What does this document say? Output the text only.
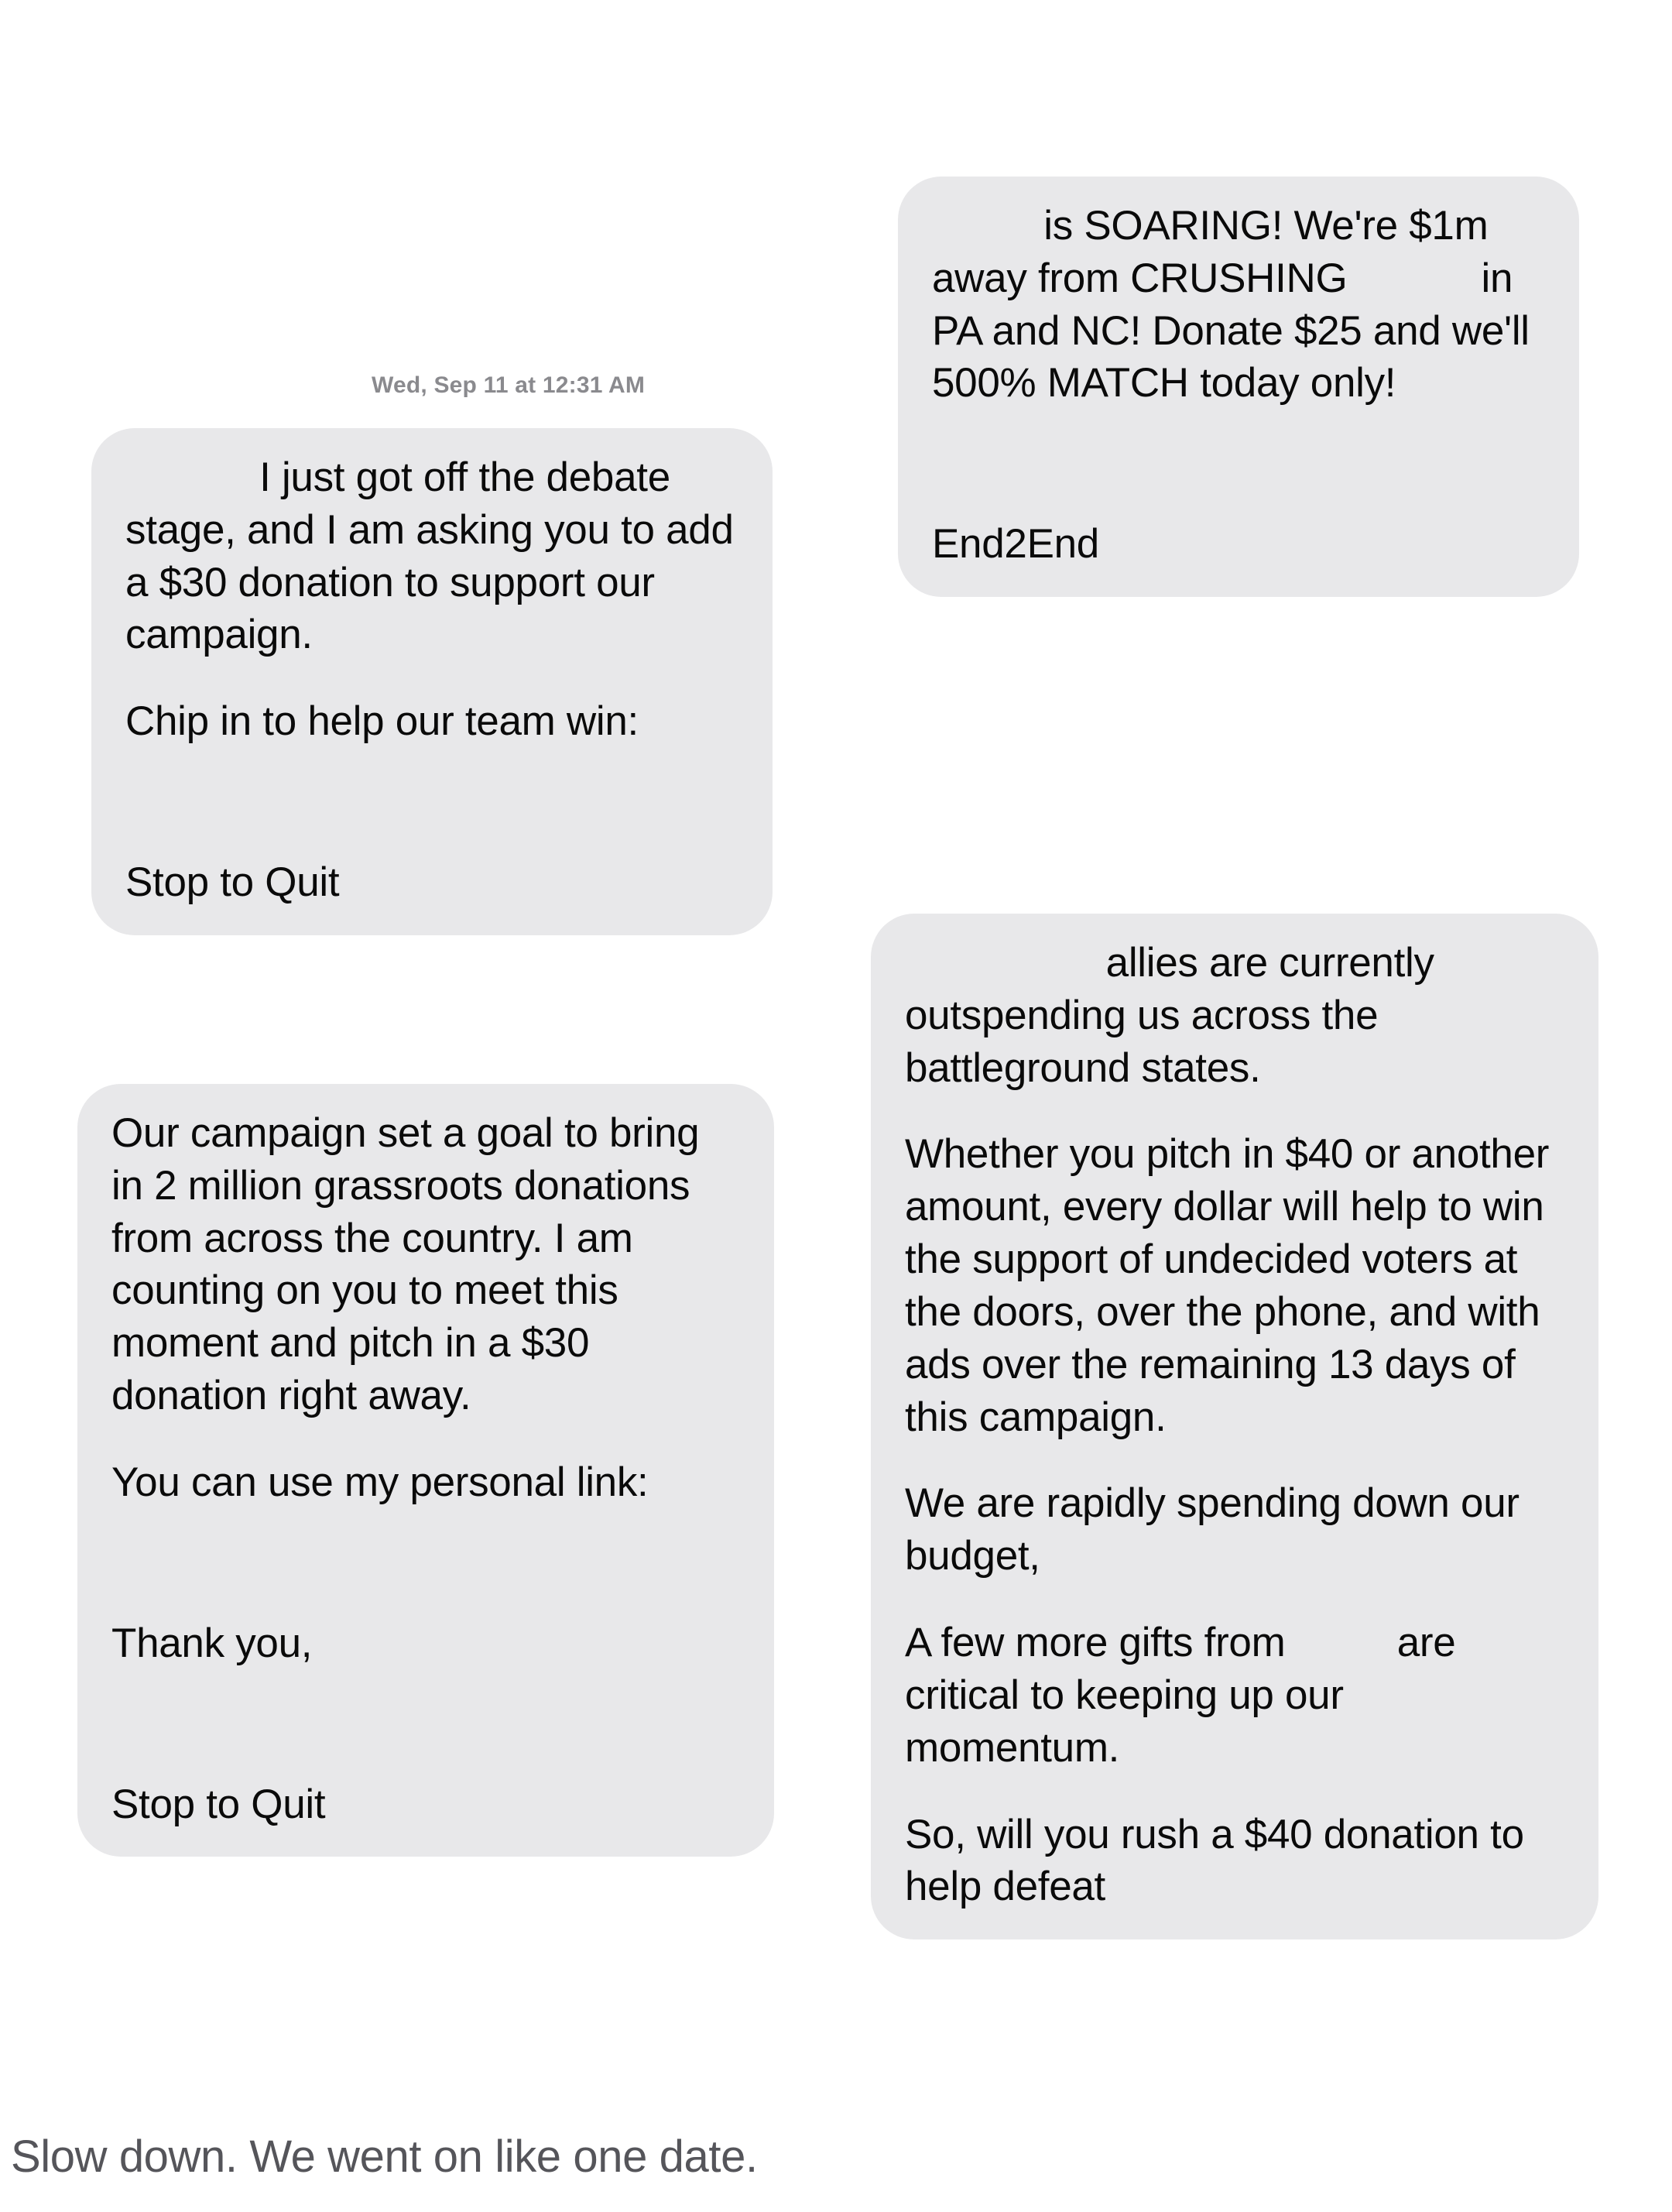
Wed, Sep 11 at 12:31 AM

is SOARING! We're $1m away from CRUSHING            in PA and NC! Donate $25 and we'll 500% MATCH today only!

End2End

I just got off the debate stage, and I am asking you to add a $30 donation to support our campaign.

Chip in to help our team win:

Stop to Quit

Our campaign set a goal to bring in 2 million grassroots donations from across the country. I am counting on you to meet this moment and pitch in a $30 donation right away.

You can use my personal link:

Thank you,

Stop to Quit

allies are currently outspending us across the battleground states.

Whether you pitch in $40 or another amount, every dollar will help to win the support of undecided voters at the doors, over the phone, and with ads over the remaining 13 days of this campaign.

We are rapidly spending down our budget,

A few more gifts from          are critical to keeping up our momentum.

So, will you rush a $40 donation to help defeat

Slow down. We went on like one date.
